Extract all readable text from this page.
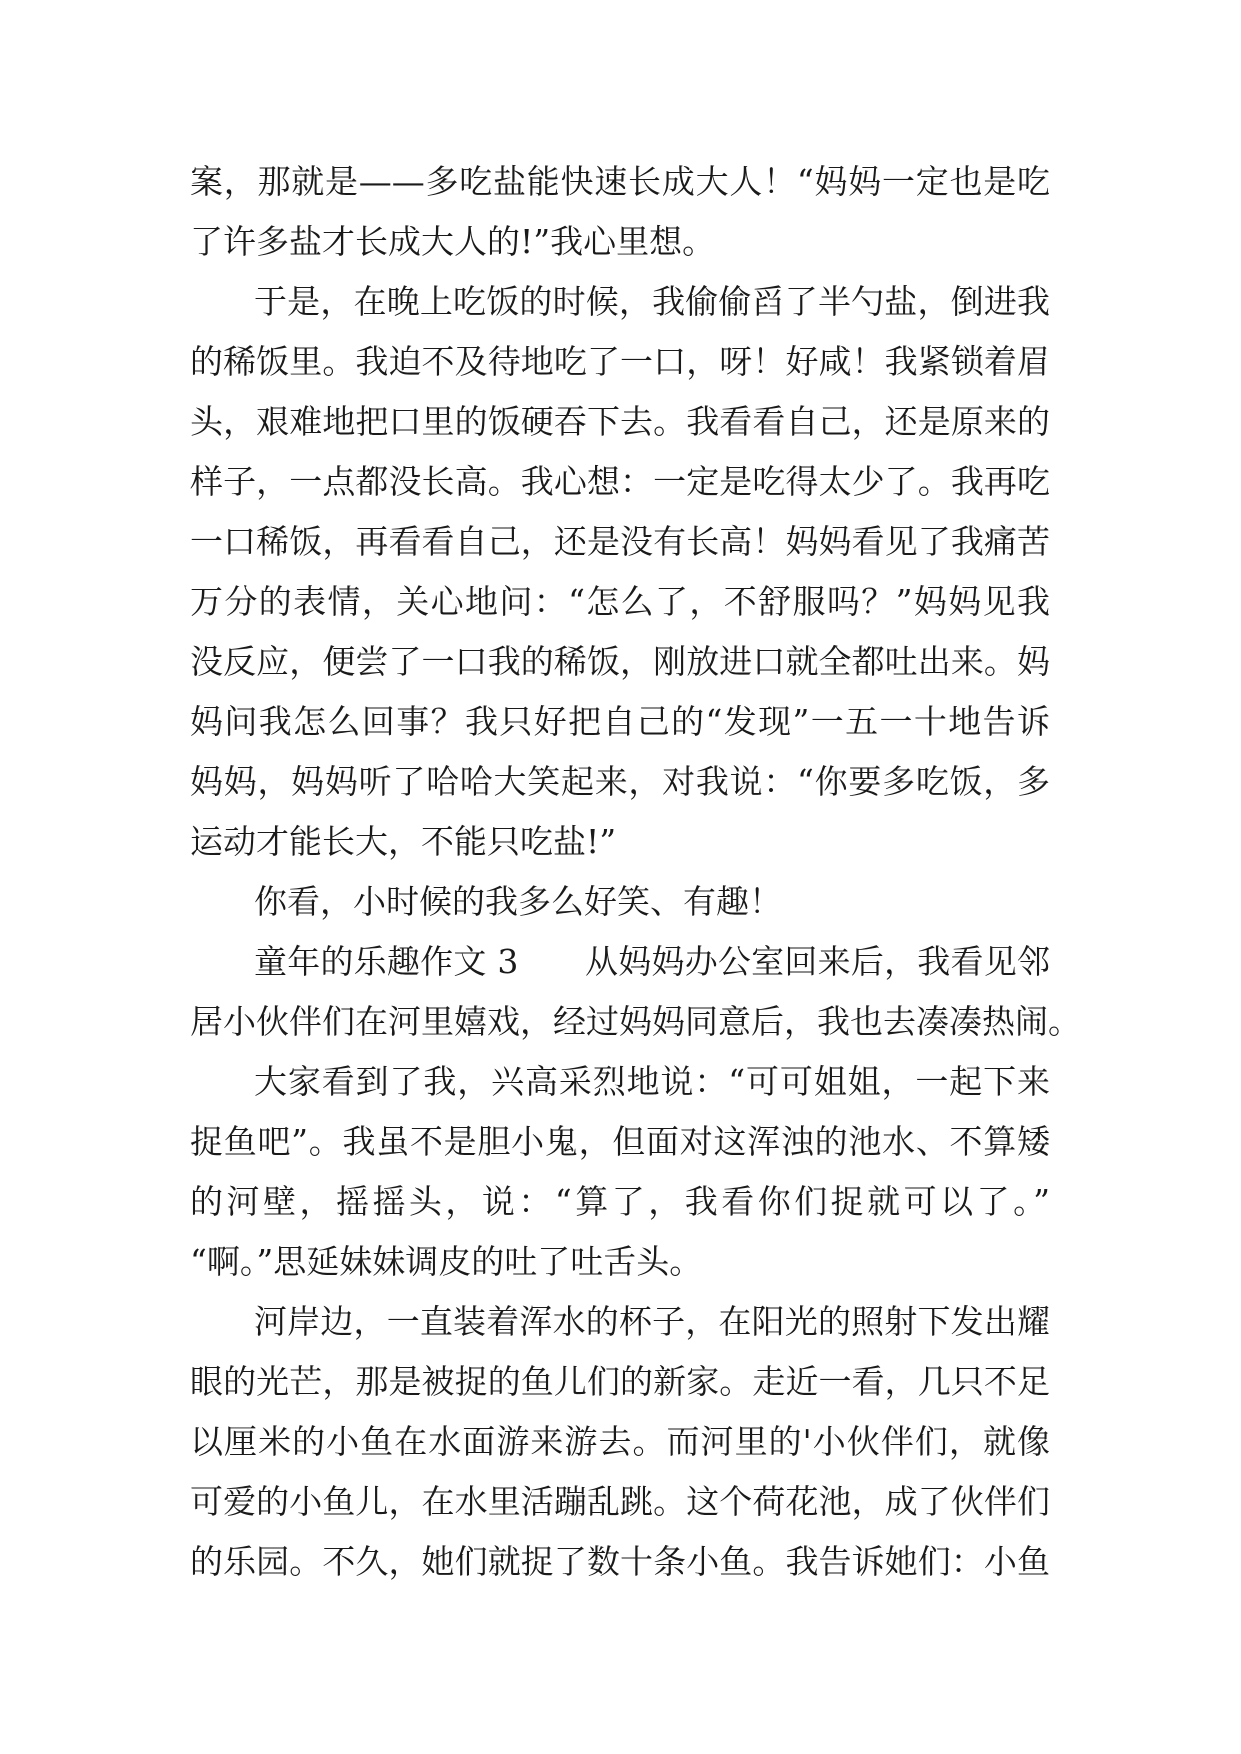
案，那就是——多吃盐能快速长成大人！“妈妈一定也是吃
了许多盐才长成大人的!”我心里想。
于是，在晚上吃饭的时候，我偷偷舀了半勺盐，倒进我
的稀饭里。我迫不及待地吃了一口，呀！好咸！我紧锁着眉
头，艰难地把口里的饭硬吞下去。我看看自己，还是原来的
样子，一点都没长高。我心想：一定是吃得太少了。我再吃
一口稀饭，再看看自己，还是没有长高！妈妈看见了我痛苦
万分的表情，关心地问：“怎么了，不舒服吗？”妈妈见我
没反应，便尝了一口我的稀饭，刚放进口就全都吐出来。妈
妈问我怎么回事？我只好把自己的“发现”一五一十地告诉
妈妈，妈妈听了哈哈大笑起来，对我说：“你要多吃饭，多
运动才能长大，不能只吃盐!”
你看，小时候的我多么好笑、有趣！
童年的乐趣作文 3　　从妈妈办公室回来后，我看见邻
居小伙伴们在河里嬉戏，经过妈妈同意后，我也去凑凑热闹。
大家看到了我，兴高采烈地说：“可可姐姐，一起下来
捉鱼吧”。我虽不是胆小鬼，但面对这浑浊的池水、不算矮
的河壁，摇摇头，说：“算了，我看你们捉就可以了。”
“啊。”思延妹妹调皮的吐了吐舌头。
河岸边，一直装着浑水的杯子，在阳光的照射下发出耀
眼的光芒，那是被捉的鱼儿们的新家。走近一看，几只不足
以厘米的小鱼在水面游来游去。而河里的'小伙伴们，就像
可爱的小鱼儿，在水里活蹦乱跳。这个荷花池，成了伙伴们
的乐园。不久，她们就捉了数十条小鱼。我告诉她们：小鱼
